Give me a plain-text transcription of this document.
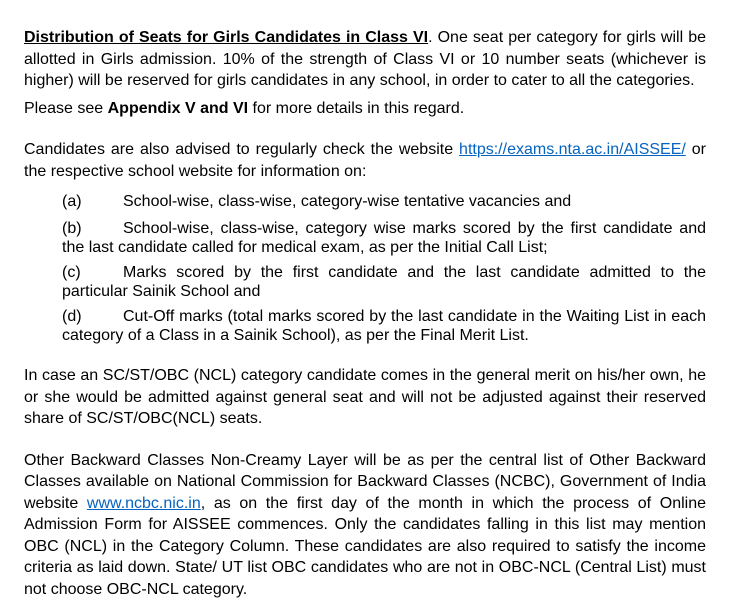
Distribution of Seats for Girls Candidates in Class VI. One seat per category for girls will be allotted in Girls admission. 10% of the strength of Class VI or 10 number seats (whichever is higher) will be reserved for girls candidates in any school, in order to cater to all the categories.

Please see Appendix V and VI for more details in this regard.

Candidates are also advised to regularly check the website https://exams.nta.ac.in/AISSEE/ or the respective school website for information on:

(a)	School-wise, class-wise, category-wise tentative vacancies and

(b)	School-wise, class-wise, category wise marks scored by the first candidate and the last candidate called for medical exam, as per the Initial Call List;

(c)	Marks scored by the first candidate and the last candidate admitted to the particular Sainik School and

(d)	Cut-Off marks (total marks scored by the last candidate in the Waiting List in each category of a Class in a Sainik School), as per the Final Merit List.

In case an SC/ST/OBC (NCL) category candidate comes in the general merit on his/her own, he or she would be admitted against general seat and will not be adjusted against their reserved share of SC/ST/OBC(NCL) seats.

Other Backward Classes Non-Creamy Layer will be as per the central list of Other Backward Classes available on National Commission for Backward Classes (NCBC), Government of India website www.ncbc.nic.in, as on the first day of the month in which the process of Online Admission Form for AISSEE commences. Only the candidates falling in this list may mention OBC (NCL) in the Category Column. These candidates are also required to satisfy the income criteria as laid down. State/ UT list OBC candidates who are not in OBC-NCL (Central List) must not choose OBC-NCL category.
